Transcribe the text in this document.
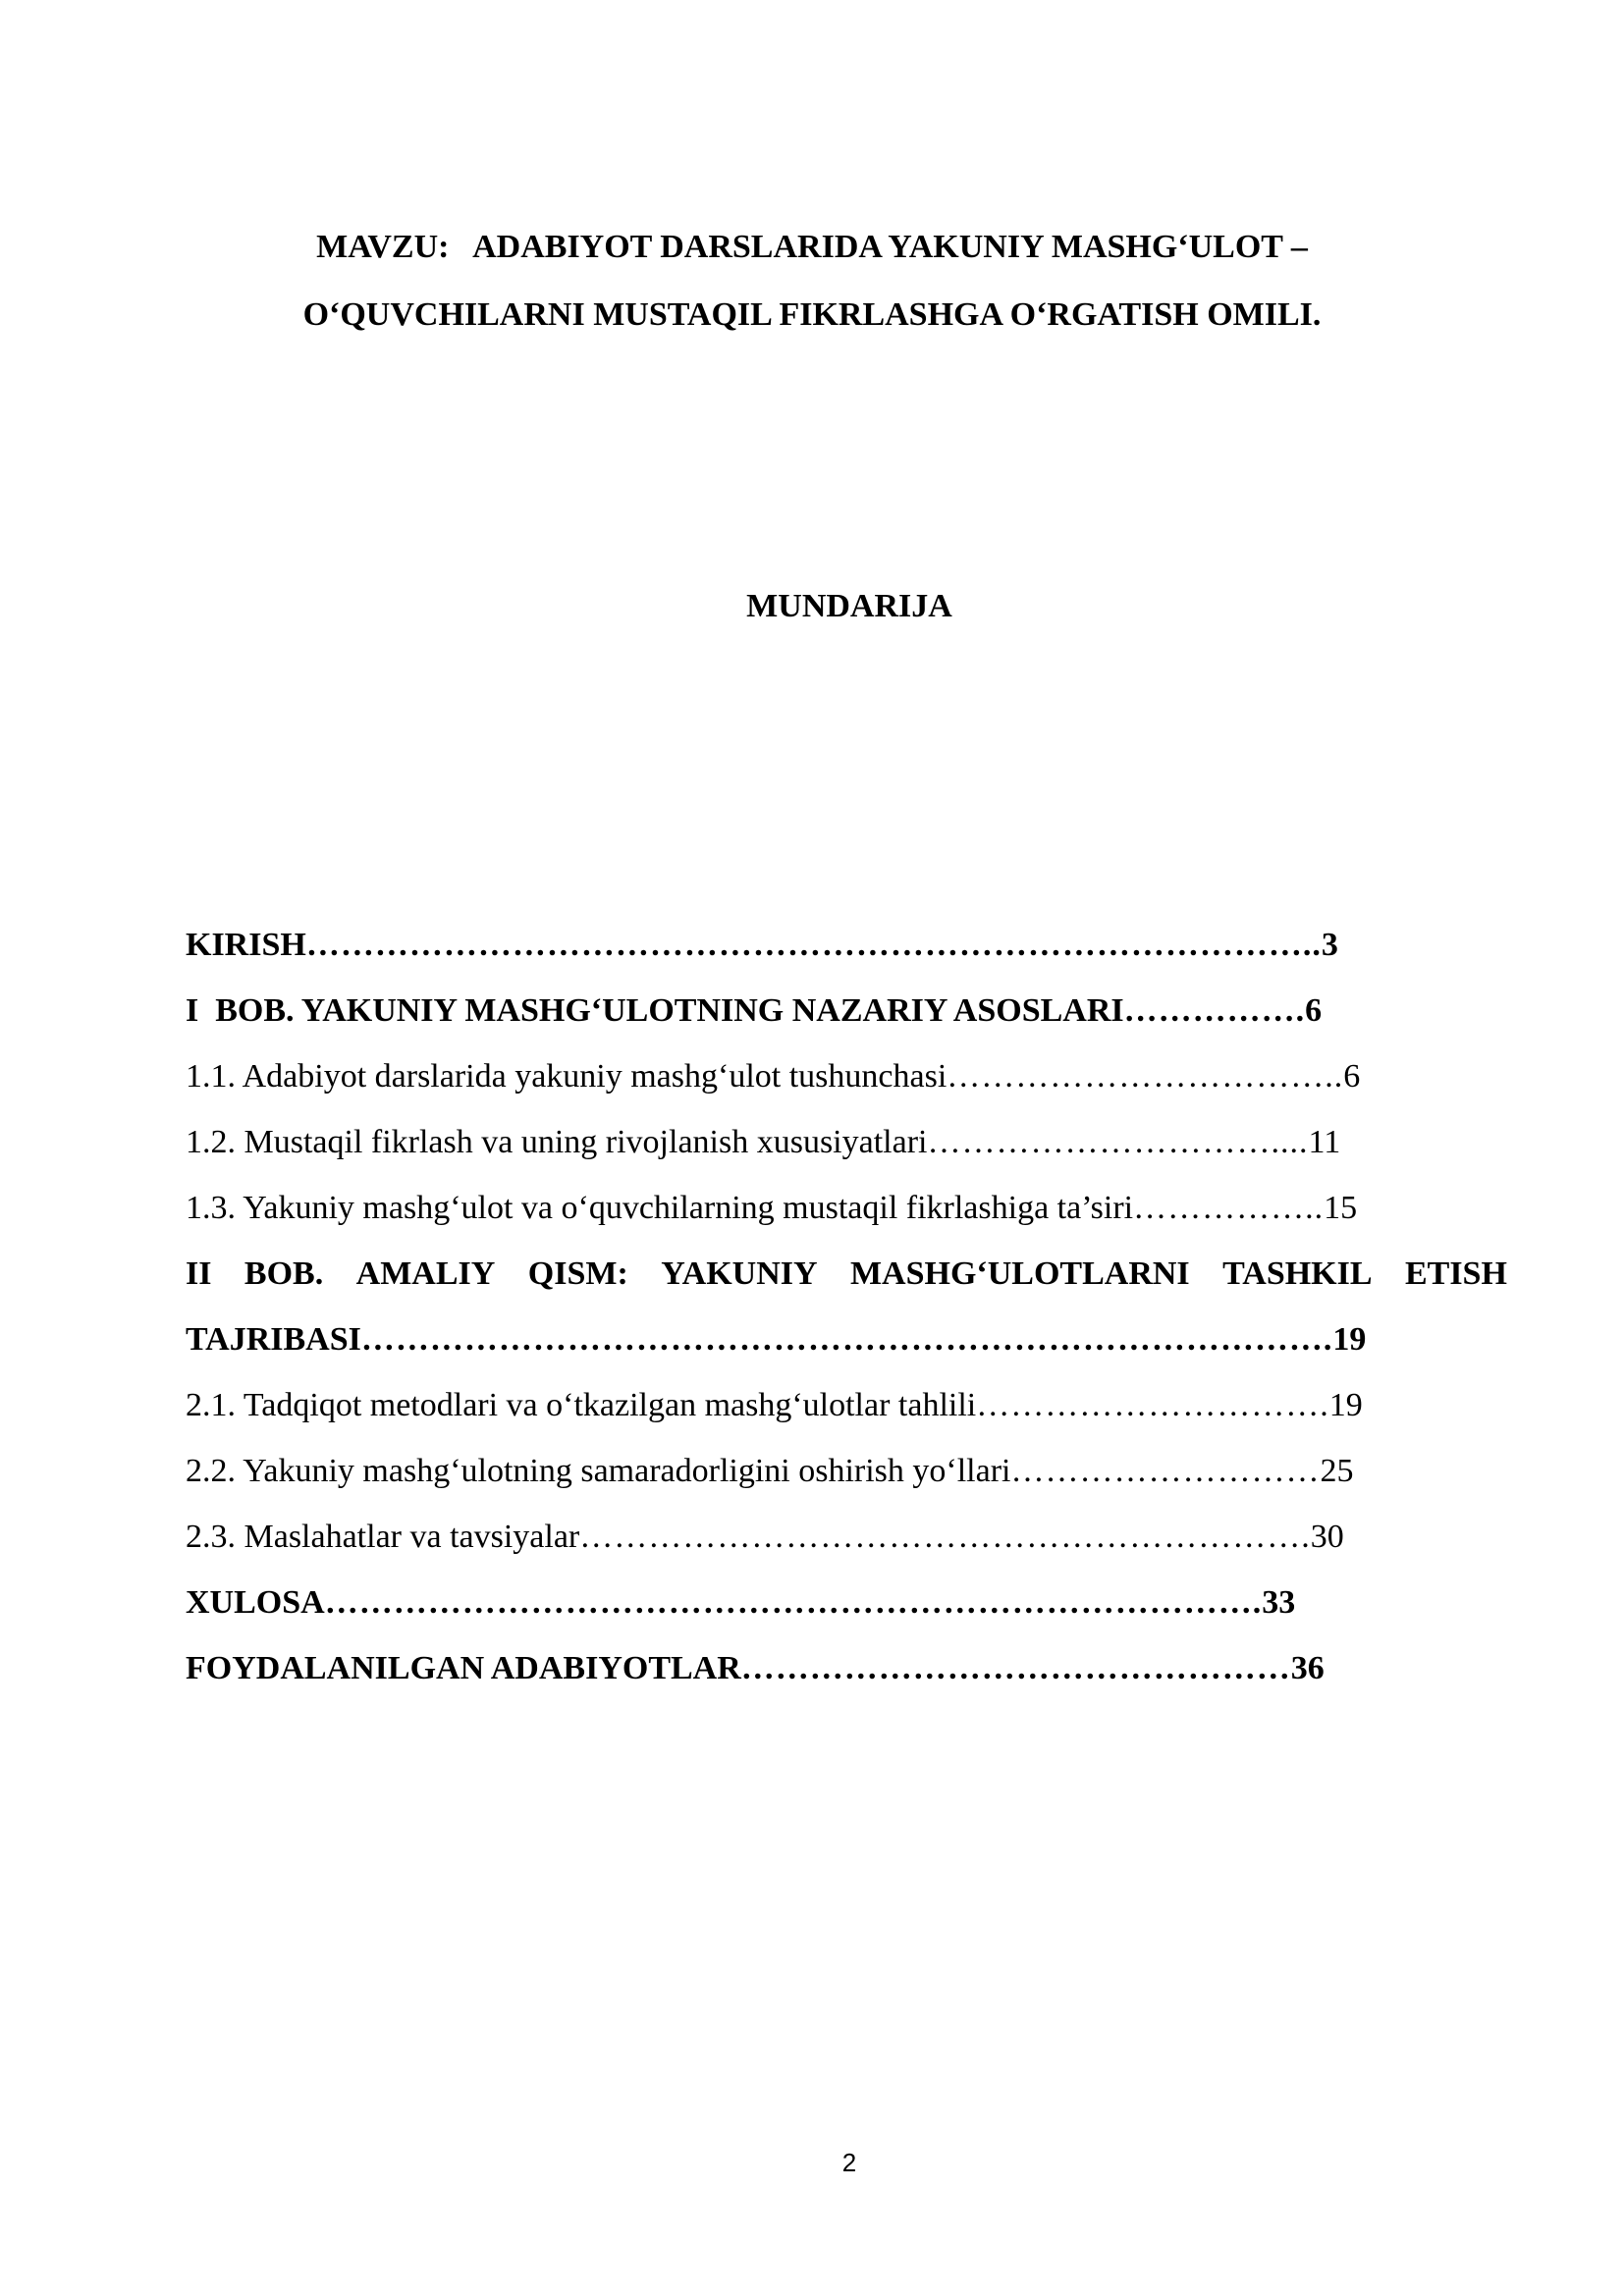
MAVZU:   ADABIYOT DARSLARIDA YAKUNIY MASHG‘ULOT –
O‘QUVCHILARNI MUSTAQIL FIKRLASHGA O‘RGATISH OMILI.
MUNDARIJA
KIRISH……………………………………………………………………………..3
I  BOB. YAKUNIY MASHG‘ULOTNING NAZARIY ASOSLARI…………….6
1.1. Adabiyot darslarida yakuniy mashg‘ulot tushunchasi……………………………..6
1.2. Mustaqil fikrlash va uning rivojlanish xususiyatlari…………………………....11
1.3. Yakuniy mashg‘ulot va o‘quvchilarning mustaqil fikrlashiga ta’siri……………..15
II BOB. AMALIY QISM: YAKUNIY MASHG‘ULOTLARNI TASHKIL ETISH
TAJRIBASI………………………………………………………………………….19
2.1. Tadqiqot metodlari va o‘tkazilgan mashg‘ulotlar tahlili………………………….19
2.2. Yakuniy mashg‘ulotning samaradorligini oshirish yo‘llari………………………25
2.3. Maslahatlar va tavsiyalar……………………………………………………….30
XULOSA……………………………………………………………………….33
FOYDALANILGAN ADABIYOTLAR…………………………………………36
2
